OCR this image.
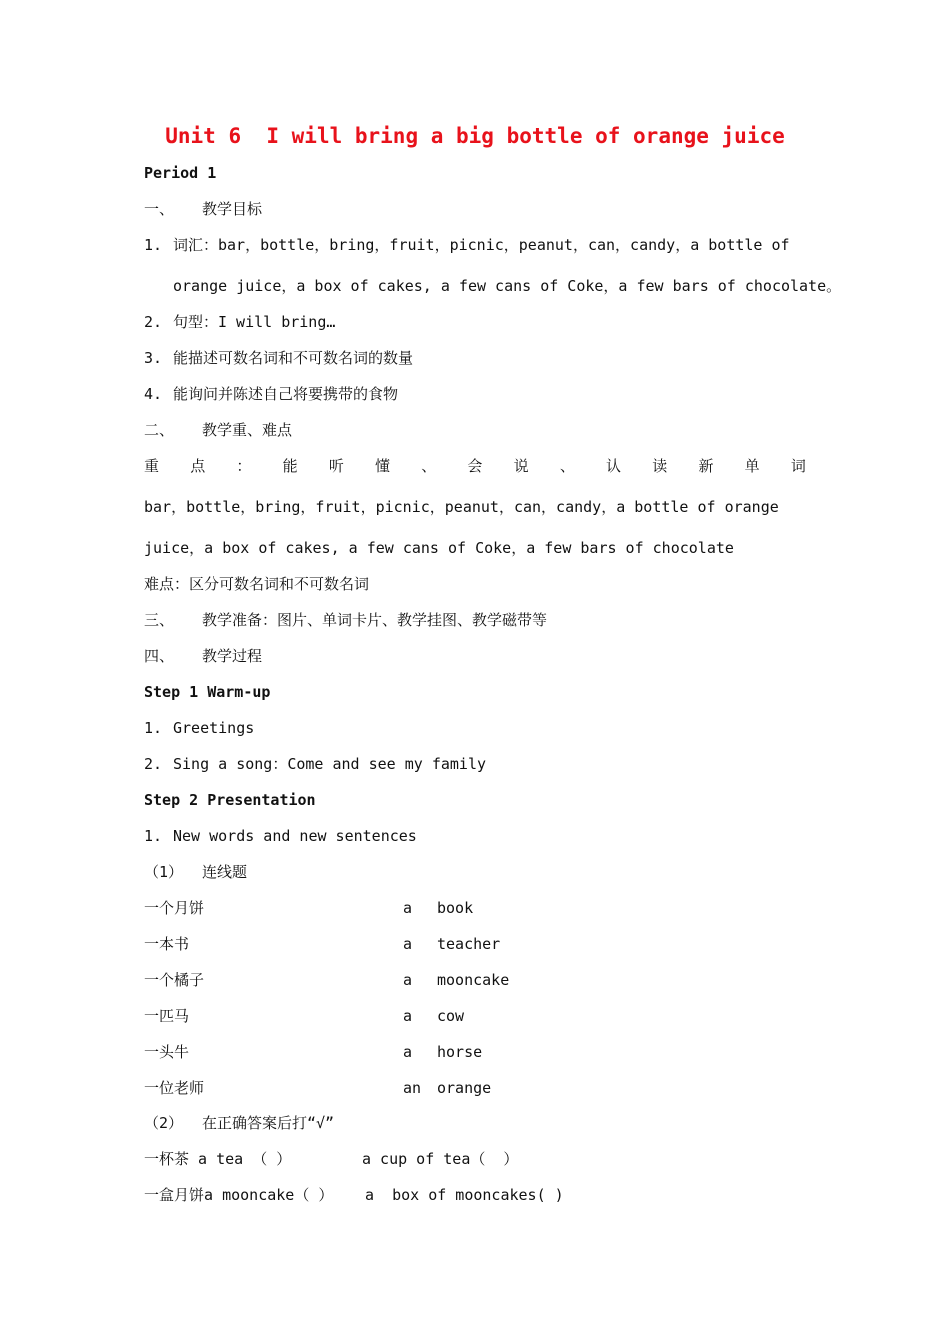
Unit 6  I will bring a big bottle of orange juice
Period 1
一、 教学目标
1. 词汇：bar，bottle，bring，fruit，picnic，peanut，can，candy，a bottle of
orange juice，a box of cakes, a few cans of Coke，a few bars of chocolate。
2. 句型：I will bring…
3. 能描述可数名词和不可数名词的数量
4. 能询问并陈述自己将要携带的食物
二、 教学重、难点
重 点 ： 能 听 懂 、 会 说 、 认 读 新 单 词
bar，bottle，bring，fruit，picnic，peanut，can，candy，a bottle of orange
juice，a box of cakes, a few cans of Coke，a few bars of chocolate
难点：区分可数名词和不可数名词
三、 教学准备：图片、单词卡片、教学挂图、教学磁带等
四、 教学过程
Step 1 Warm-up
1. Greetings
2. Sing a song：Come and see my family
Step 2 Presentation
1. New words and new sentences
（1） 连线题
一个月饼	a book
一本书	a teacher
一个橘子	a mooncake
一匹马	a cow
一头牛	a horse
一位老师	an orange
（2） 在正确答案后打“√”
一杯茶 a tea （ ）	a cup of tea（  ）
一盒月饼a mooncake（ ） a  box of mooncakes( )
